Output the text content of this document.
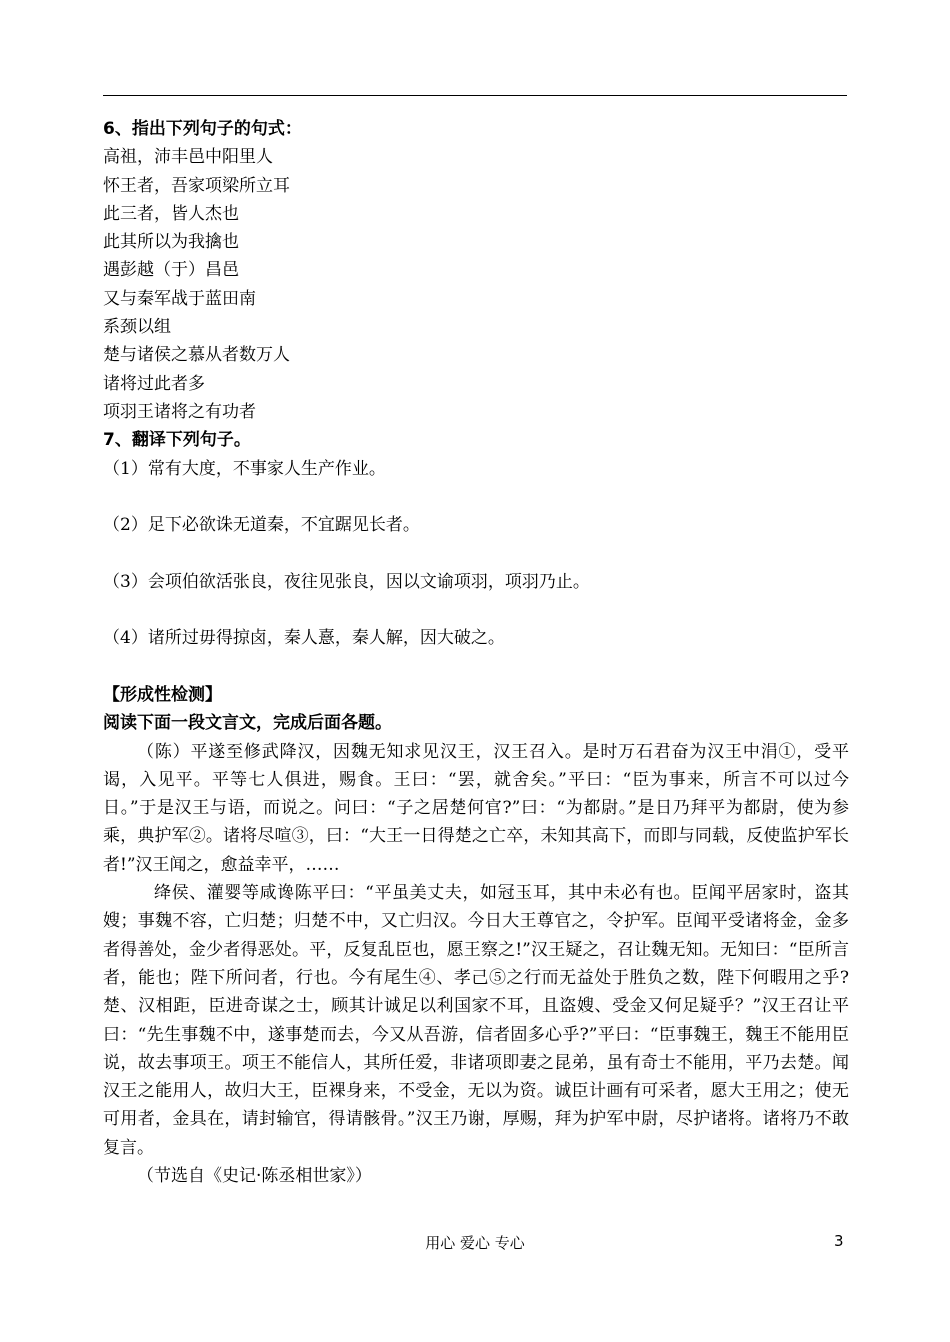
6、指出下列句子的句式：
高祖，沛丰邑中阳里人
怀王者，吾家项梁所立耳
此三者，皆人杰也
此其所以为我擒也
遇彭越（于）昌邑
又与秦军战于蓝田南
系颈以组
楚与诸侯之慕从者数万人
诸将过此者多
项羽王诸将之有功者
7、翻译下列句子。
（1）常有大度，不事家人生产作业。
（2）足下必欲诛无道秦，不宜踞见长者。
（3）会项伯欲活张良，夜往见张良，因以文谕项羽，项羽乃止。
（4）诸所过毋得掠卤，秦人憙，秦人解，因大破之。
【形成性检测】
阅读下面一段文言文，完成后面各题。
（陈）平遂至修武降汉，因魏无知求见汉王，汉王召入。是时万石君奋为汉王中涓①，受平谒，入见平。平等七人俱进，赐食。王曰：“罢，就舍矣。”平曰：“臣为事来，所言不可以过今日。”于是汉王与语，而说之。问曰：“子之居楚何官?”曰：“为都尉。”是日乃拜平为都尉，使为参乘，典护军②。诸将尽喧③，曰：“大王一日得楚之亡卒，未知其高下，而即与同载，反使监护军长者!”汉王闻之，愈益幸平，……
绛侯、灌婴等咸谗陈平曰：“平虽美丈夫，如冠玉耳，其中未必有也。臣闻平居家时，盗其嫂；事魏不容，亡归楚；归楚不中，又亡归汉。今日大王尊官之，令护军。臣闻平受诸将金，金多者得善处，金少者得恶处。平，反复乱臣也，愿王察之!”汉王疑之，召让魏无知。无知曰：“臣所言者，能也；陛下所问者，行也。今有尾生④、孝己⑤之行而无益处于胜负之数，陛下何暇用之乎?楚、汉相距，臣进奇谋之士，顾其计诚足以利国家不耳，且盗嫂、受金又何足疑乎？”汉王召让平曰：“先生事魏不中，遂事楚而去，今又从吾游，信者固多心乎?”平曰：“臣事魏王，魏王不能用臣说，故去事项王。项王不能信人，其所任爱，非诸项即妻之昆弟，虽有奇士不能用，平乃去楚。闻汉王之能用人，故归大王，臣裸身来，不受金，无以为资。诚臣计画有可采者，愿大王用之；使无可用者，金具在，请封输官，得请骸骨。”汉王乃谢，厚赐，拜为护军中尉，尽护诸将。诸将乃不敢复言。
（节选自《史记·陈丞相世家》）
用心 爱心 专心	3
